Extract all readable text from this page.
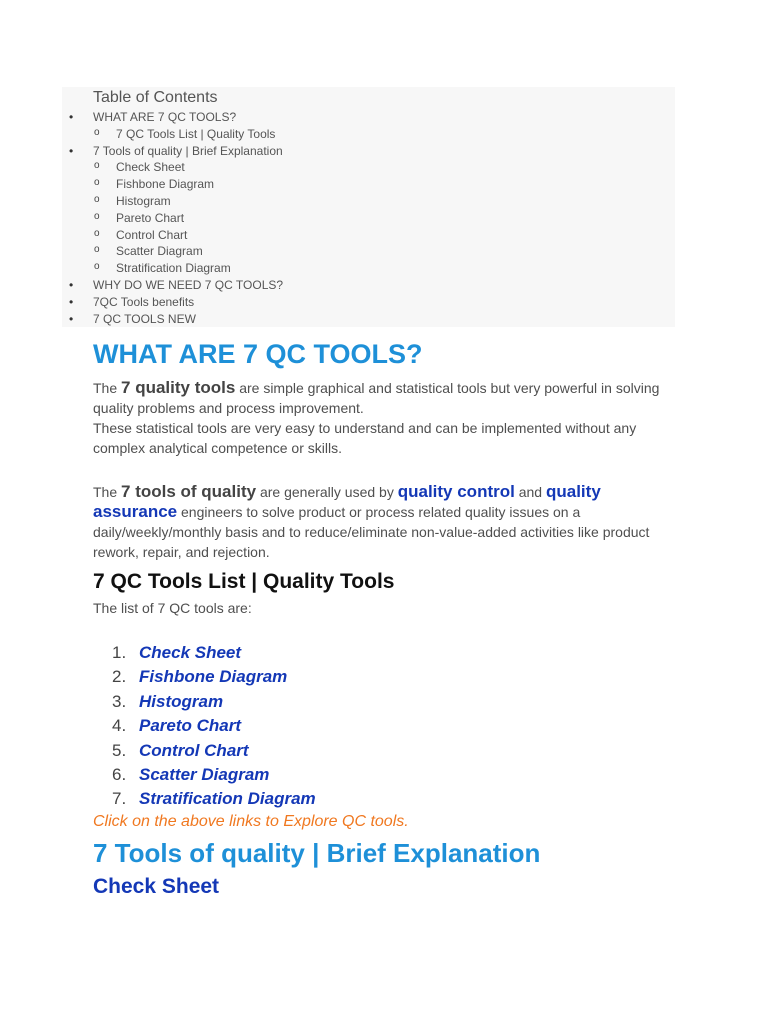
Table of Contents
• WHAT ARE 7 QC TOOLS?
o 7 QC Tools List | Quality Tools
• 7 Tools of quality | Brief Explanation
o Check Sheet
o Fishbone Diagram
o Histogram
o Pareto Chart
o Control Chart
o Scatter Diagram
o Stratification Diagram
• WHY DO WE NEED 7 QC TOOLS?
• 7QC Tools benefits
• 7 QC TOOLS NEW
WHAT ARE 7 QC TOOLS?
The 7 quality tools are simple graphical and statistical tools but very powerful in solving quality problems and process improvement.
These statistical tools are very easy to understand and can be implemented without any complex analytical competence or skills.
The 7 tools of quality are generally used by quality control and quality assurance engineers to solve product or process related quality issues on a daily/weekly/monthly basis and to reduce/eliminate non-value-added activities like product rework, repair, and rejection.
7 QC Tools List | Quality Tools
The list of 7 QC tools are:
1. Check Sheet
2. Fishbone Diagram
3. Histogram
4. Pareto Chart
5. Control Chart
6. Scatter Diagram
7. Stratification Diagram
Click on the above links to Explore QC tools.
7 Tools of quality | Brief Explanation
Check Sheet
